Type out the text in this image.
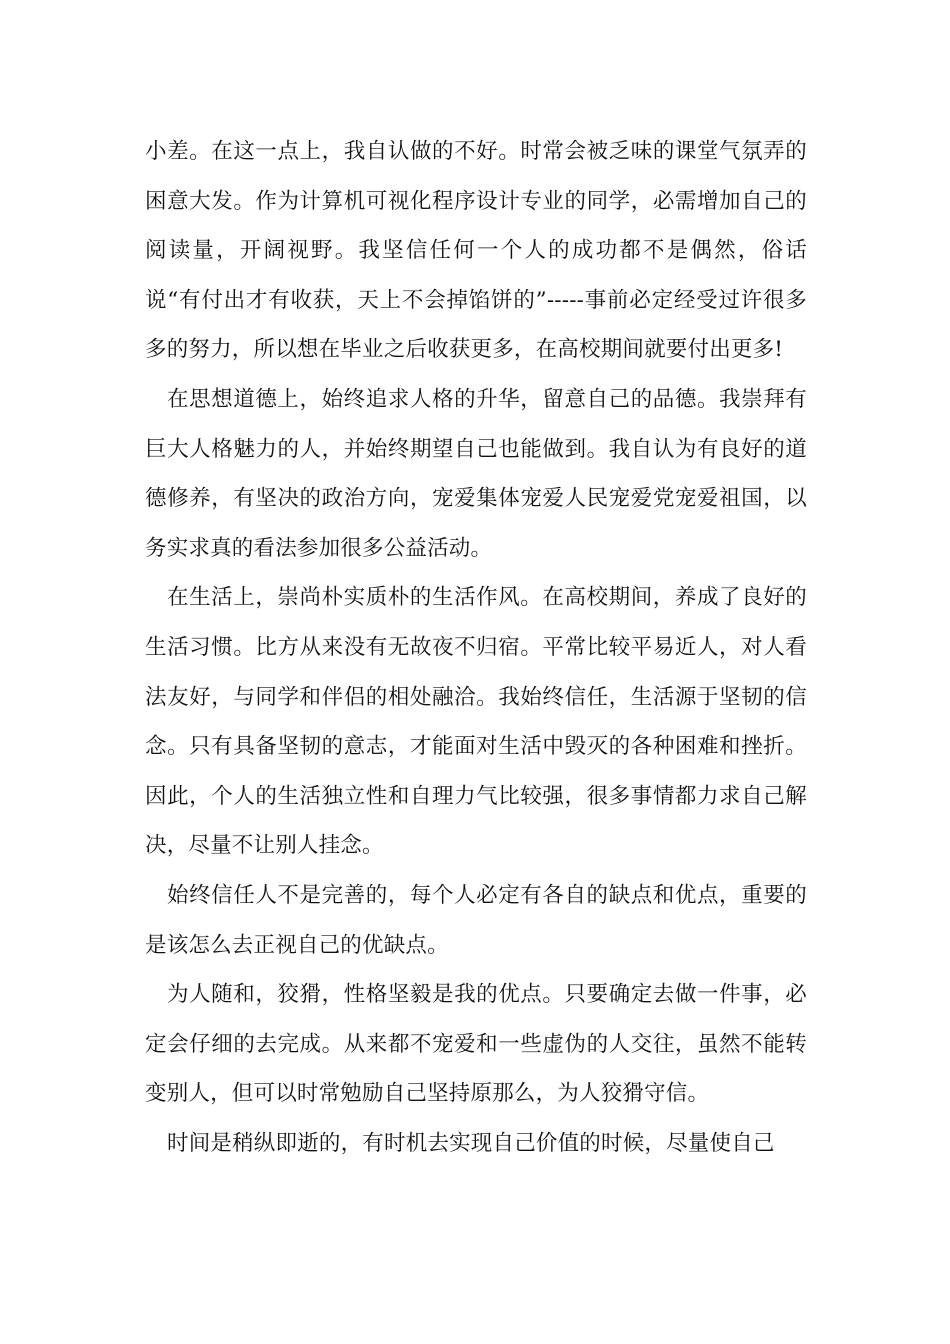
小差。在这一点上，我自认做的不好。时常会被乏味的课堂气氛弄的困意大发。作为计算机可视化程序设计专业的同学，必需增加自己的阅读量，开阔视野。我坚信任何一个人的成功都不是偶然，俗话说“有付出才有收获，天上不会掉馅饼的”-----事前必定经受过许很多多的努力，所以想在毕业之后收获更多，在高校期间就要付出更多!

在思想道德上，始终追求人格的升华，留意自己的品德。我崇拜有巨大人格魅力的人，并始终期望自己也能做到。我自认为有良好的道德修养，有坚决的政治方向，宠爱集体宠爱人民宠爱党宠爱祖国，以务实求真的看法参加很多公益活动。

在生活上，崇尚朴实质朴的生活作风。在高校期间，养成了良好的生活习惯。比方从来没有无故夜不归宿。平常比较平易近人，对人看法友好，与同学和伴侣的相处融洽。我始终信任，生活源于坚韧的信念。只有具备坚韧的意志，才能面对生活中毁灭的各种困难和挫折。因此，个人的生活独立性和自理力气比较强，很多事情都力求自己解决，尽量不让别人挂念。

始终信任人不是完善的，每个人必定有各自的缺点和优点，重要的是该怎么去正视自己的优缺点。

为人随和，狡猾，性格坚毅是我的优点。只要确定去做一件事，必定会仔细的去完成。从来都不宠爱和一些虚伪的人交往，虽然不能转变别人，但可以时常勉励自己坚持原那么，为人狡猾守信。

时间是稍纵即逝的，有时机去实现自己价值的时候，尽量使自己
